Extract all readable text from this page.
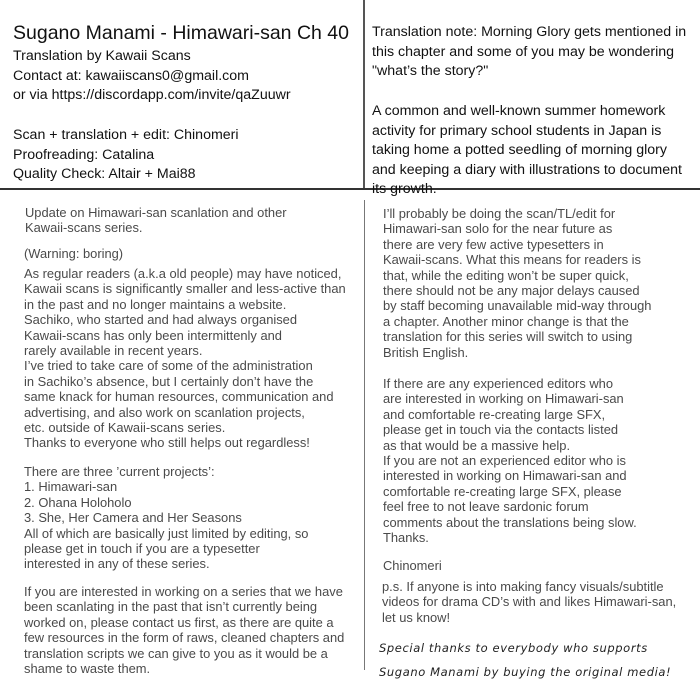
Sugano Manami - Himawari-san Ch 40
Translation by Kawaii Scans
Contact at: kawaiiscans0@gmail.com
or via https://discordapp.com/invite/qaZuuwr
Scan + translation + edit: Chinomeri
Proofreading: Catalina
Quality Check: Altair + Mai88
Translation note: Morning Glory gets mentioned in
this chapter and some of you may be wondering
"what’s the story?"
A common and well-known summer homework
activity for primary school students in Japan is
taking home a potted seedling of morning glory
and keeping a diary with illustrations to document
its growth.
Update on Himawari-san scanlation and other
Kawaii-scans series.
(Warning: boring)
As regular readers (a.k.a old people) may have noticed,
Kawaii scans is significantly smaller and less-active than
in the past and no longer maintains a website.
Sachiko, who started and had always organised
Kawaii-scans has only been intermittenly and
rarely available in recent years.
I’ve tried to take care of some of the administration
in Sachiko’s absence, but I certainly don’t have the
same knack for human resources, communication and
advertising, and also work on scanlation projects,
etc. outside of Kawaii-scans series.
Thanks to everyone who still helps out regardless!
There are three ’current projects’:
1. Himawari-san
2. Ohana Holoholo
3. She, Her Camera and Her Seasons
All of which are basically just limited by editing, so
please get in touch if you are a typesetter
interested in any of these series.
If you are interested in working on a series that we have
been scanlating in the past that isn’t currently being
worked on, please contact us first, as there are quite a
few resources in the form of raws, cleaned chapters and
translation scripts we can give to you as it would be a
shame to waste them.
I’ll probably be doing the scan/TL/edit for
Himawari-san solo for the near future as
there are very few active typesetters in
Kawaii-scans. What this means for readers is
that, while the editing won’t be super quick,
there should not be any major delays caused
by staff becoming unavailable mid-way through
a chapter. Another minor change is that the
translation for this series will switch to using
British English.
If there are any experienced editors who
are interested in working on Himawari-san
and comfortable re-creating large SFX,
please get in touch via the contacts listed
as that would be a massive help.
If you are not an experienced editor who is
interested in working on Himawari-san and
comfortable re-creating large SFX, please
feel free to not leave sardonic forum
comments about the translations being slow.
Thanks.
Chinomeri
p.s. If anyone is into making fancy visuals/subtitle
videos for drama CD’s with and likes Himawari-san,
let us know!
Special thanks to everybody who supports
Sugano Manami by buying the original media!
